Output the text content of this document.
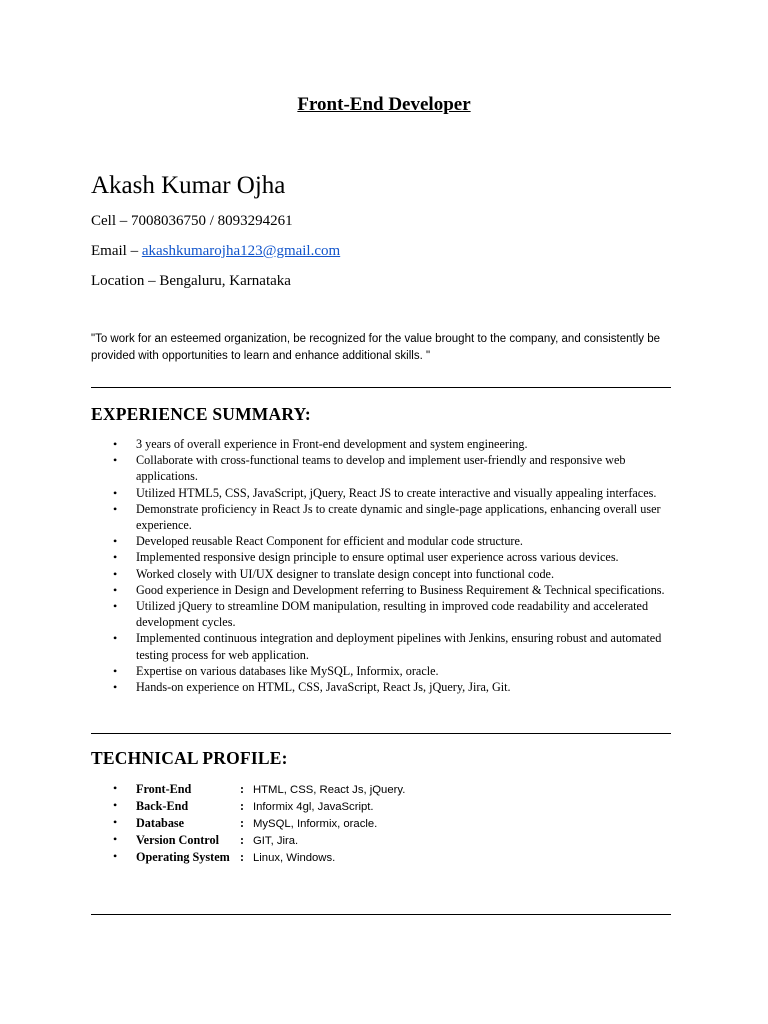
Front-End Developer
Akash Kumar Ojha
Cell – 7008036750 / 8093294261
Email – akashkumarojha123@gmail.com
Location – Bengaluru, Karnataka
"To work for an esteemed organization, be recognized for the value brought to the company, and consistently be provided with opportunities to learn and enhance additional skills. "
EXPERIENCE SUMMARY:
• 3 years of overall experience in Front-end development and system engineering.
• Collaborate with cross-functional teams to develop and implement user-friendly and responsive web applications.
• Utilized HTML5, CSS, JavaScript, jQuery, React JS to create interactive and visually appealing interfaces.
• Demonstrate proficiency in React Js to create dynamic and single-page applications, enhancing overall user experience.
• Developed reusable React Component for efficient and modular code structure.
• Implemented responsive design principle to ensure optimal user experience across various devices.
• Worked closely with UI/UX designer to translate design concept into functional code.
• Good experience in Design and Development referring to Business Requirement & Technical specifications.
• Utilized jQuery to streamline DOM manipulation, resulting in improved code readability and accelerated development cycles.
• Implemented continuous integration and deployment pipelines with Jenkins, ensuring robust and automated testing process for web application.
• Expertise on various databases like MySQL, Informix, oracle.
• Hands-on experience on HTML, CSS, JavaScript, React Js, jQuery, Jira, Git.
TECHNICAL PROFILE:
• Front-End	: HTML, CSS, React Js, jQuery.
• Back-End	: Informix 4gl, JavaScript.
• Database	: MySQL, Informix, oracle.
• Version Control : GIT, Jira.
• Operating System : Linux, Windows.
